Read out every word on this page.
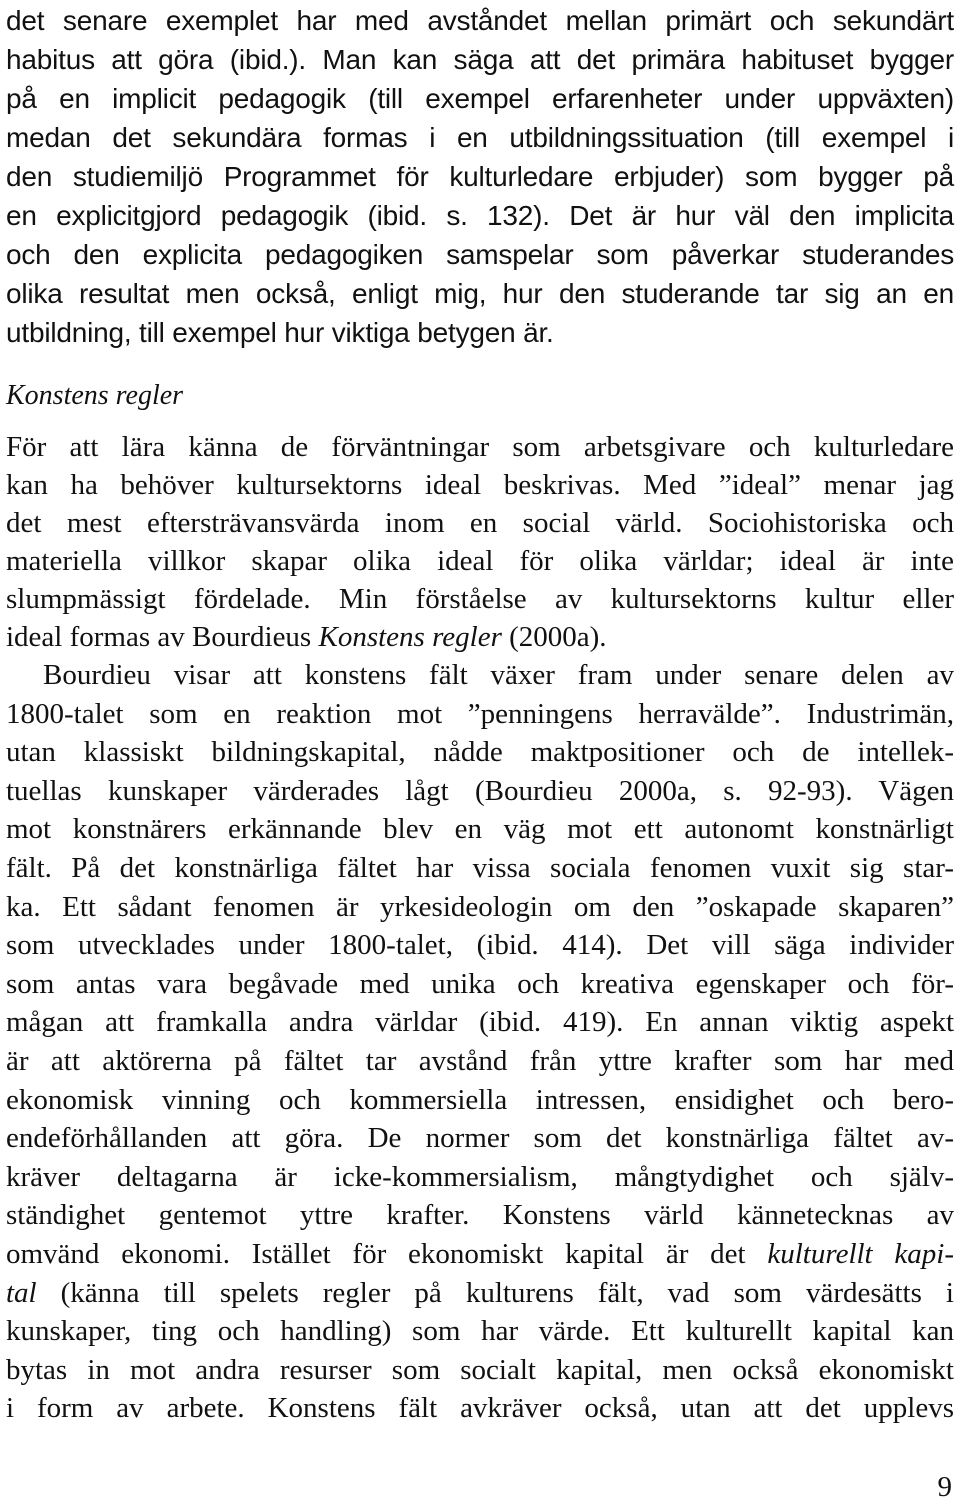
det senare exemplet har med avståndet mellan primärt och sekundärt
habitus att göra (ibid.). Man kan säga att det primära habituset bygger
på en implicit pedagogik (till exempel erfarenheter under uppväxten)
medan det sekundära formas i en utbildningssituation (till exempel i
den studiemiljö Programmet för kulturledare erbjuder) som bygger på
en explicitgjord pedagogik (ibid. s. 132). Det är hur väl den implicita
och den explicita pedagogiken samspelar som påverkar studerandes
olika resultat men också, enligt mig, hur den studerande tar sig an en
utbildning, till exempel hur viktiga betygen är.
Konstens regler
För att lära känna de förväntningar som arbetsgivare och kulturledare
kan ha behöver kultursektorns ideal beskrivas. Med ”ideal” menar jag
det mest eftersträvansvärda inom en social värld. Sociohistoriska och
materiella villkor skapar olika ideal för olika världar; ideal är inte
slumpmässigt fördelade. Min förståelse av kultursektorns kultur eller
ideal formas av Bourdieus Konstens regler (2000a).
Bourdieu visar att konstens fält växer fram under senare delen av
1800-talet som en reaktion mot ”penningens herravälde”. Industrimän,
utan klassiskt bildningskapital, nådde maktpositioner och de intellek-
tuellas kunskaper värderades lågt (Bourdieu 2000a, s. 92-93). Vägen
mot konstnärers erkännande blev en väg mot ett autonomt konstnärligt
fält. På det konstnärliga fältet har vissa sociala fenomen vuxit sig star-
ka. Ett sådant fenomen är yrkesideologin om den ”oskapade skaparen”
som utvecklades under 1800-talet, (ibid. 414). Det vill säga individer
som antas vara begåvade med unika och kreativa egenskaper och för-
mågan att framkalla andra världar (ibid. 419). En annan viktig aspekt
är att aktörerna på fältet tar avstånd från yttre krafter som har med
ekonomisk vinning och kommersiella intressen, ensidighet och bero-
endeförhållanden att göra. De normer som det konstnärliga fältet av-
kräver deltagarna är icke-kommersialism, mångtydighet och själv-
ständighet gentemot yttre krafter. Konstens värld kännetecknas av
omvänd ekonomi. Istället för ekonomiskt kapital är det kulturellt kapi-
tal (känna till spelets regler på kulturens fält, vad som värdesätts i
kunskaper, ting och handling) som har värde. Ett kulturellt kapital kan
bytas in mot andra resurser som socialt kapital, men också ekonomiskt
i form av arbete. Konstens fält avkräver också, utan att det upplevs
9
